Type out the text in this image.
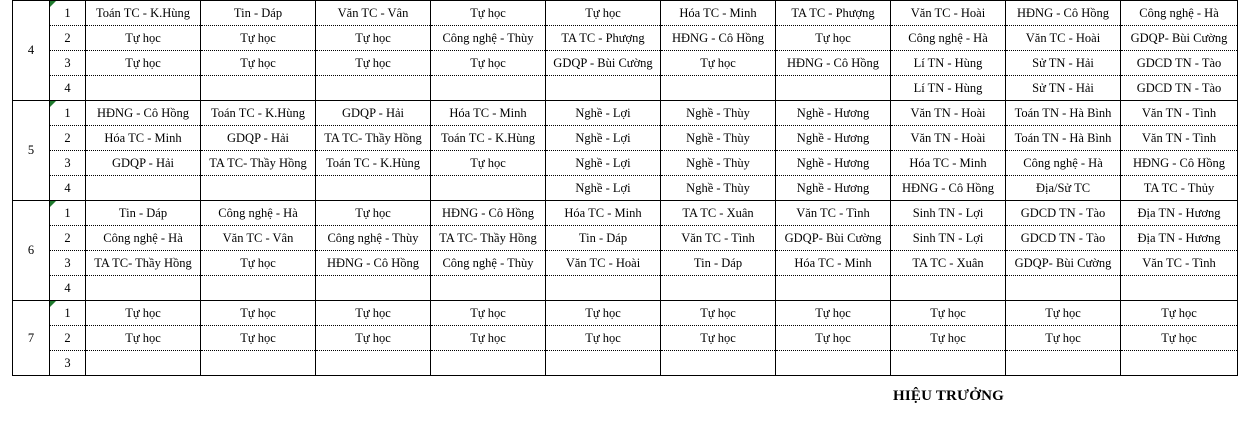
4	1	Toán TC - K.Hùng	Tin - Dáp	Văn TC - Vân	Tự học	Tự học	Hóa TC - Minh	TA TC - Phượng	Văn TC - Hoài	HĐNG - Cô Hồng	Công nghệ - Hà
	2	Tự học	Tự học	Tự học	Công nghệ - Thùy	TA TC - Phượng	HĐNG - Cô Hồng	Tự học	Công nghệ - Hà	Văn TC - Hoài	GDQP- Bùi Cường
	3	Tự học	Tự học	Tự học	Tự học	GDQP - Bùi Cường	Tự học	HĐNG - Cô Hồng	Lí TN - Hùng	Sử TN - Hải	GDCD TN - Tào
	4								Lí TN - Hùng	Sử TN - Hải	GDCD TN - Tào
5	1	HĐNG - Cô Hồng	Toán TC - K.Hùng	GDQP - Hải	Hóa TC - Minh	Nghề - Lợi	Nghề - Thùy	Nghề - Hương	Văn TN - Hoài	Toán TN - Hà Bình	Văn TN - Tình
	2	Hóa TC - Minh	GDQP - Hải	TA TC- Thầy Hồng	Toán TC - K.Hùng	Nghề - Lợi	Nghề - Thùy	Nghề - Hương	Văn TN - Hoài	Toán TN - Hà Bình	Văn TN - Tình
	3	GDQP - Hải	TA TC- Thầy Hồng	Toán TC - K.Hùng	Tự học	Nghề - Lợi	Nghề - Thùy	Nghề - Hương	Hóa TC - Minh	Công nghệ - Hà	HĐNG - Cô Hồng
	4					Nghề - Lợi	Nghề - Thùy	Nghề - Hương	HĐNG - Cô Hồng	Địa/Sử TC	TA TC - Thủy
6	1	Tin - Dáp	Công nghệ - Hà	Tự học	HĐNG - Cô Hồng	Hóa TC - Minh	TA TC - Xuân	Văn TC - Tình	Sinh TN - Lợi	GDCD TN - Tào	Địa TN - Hương
	2	Công nghệ - Hà	Văn TC - Vân	Công nghệ - Thùy	TA TC- Thầy Hồng	Tin - Dáp	Văn TC - Tình	GDQP- Bùi Cường	Sinh TN - Lợi	GDCD TN - Tào	Địa TN - Hương
	3	TA TC- Thầy Hồng	Tự học	HĐNG - Cô Hồng	Công nghệ - Thùy	Văn TC - Hoài	Tin - Dáp	Hóa TC - Minh	TA TC - Xuân	GDQP- Bùi Cường	Văn TC - Tình
	4										
7	1	Tự học	Tự học	Tự học	Tự học	Tự học	Tự học	Tự học	Tự học	Tự học	Tự học
	2	Tự học	Tự học	Tự học	Tự học	Tự học	Tự học	Tự học	Tự học	Tự học	Tự học
	3										
HIỆU TRƯỞNG
